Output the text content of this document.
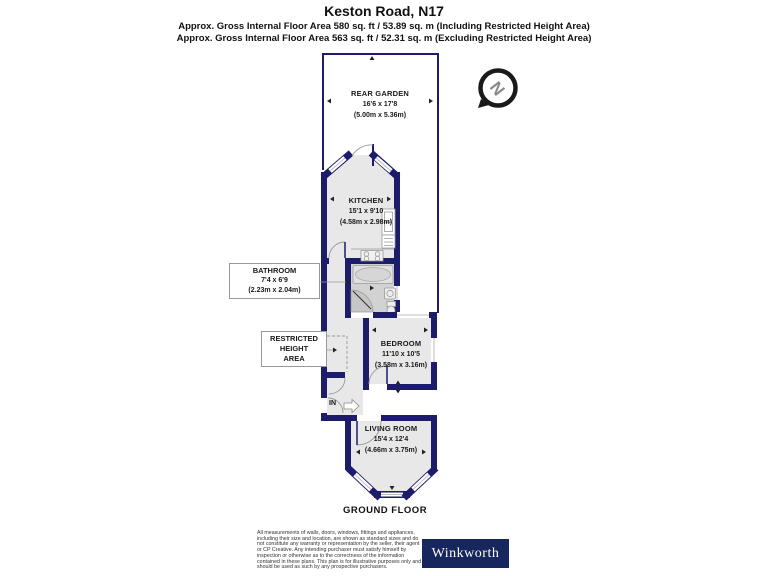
Keston Road, N17
Approx. Gross Internal Floor Area 580 sq. ft / 53.89 sq. m (Including Restricted Height Area)
Approx. Gross Internal Floor Area 563 sq. ft / 52.31 sq. m (Excluding Restricted Height Area)
N
REAR GARDEN
16'6 x 17'8
(5.00m x 5.36m)
KITCHEN
15'1 x 9'10
(4.58m x 2.98m)
BATHROOM
7'4 x 6'9
(2.23m x 2.04m)
RESTRICTED
HEIGHT
AREA
BEDROOM
11'10 x 10'5
(3.58m x 3.16m)
LIVING ROOM
15'4 x 12'4
(4.66m x 3.75m)
IN
GROUND FLOOR
All measurements of walls, doors, windows, fittings and appliances, including their size and location, are shown as standard sizes and do not constitute any warranty or representation by the seller, their agent or CP Creative. Any intending purchaser must satisfy himself by inspection or otherwise as to the correctness of the information contained in these plans. This plan is for illustrative purposes only and should be used as such by any prospective purchasers.
Winkworth
